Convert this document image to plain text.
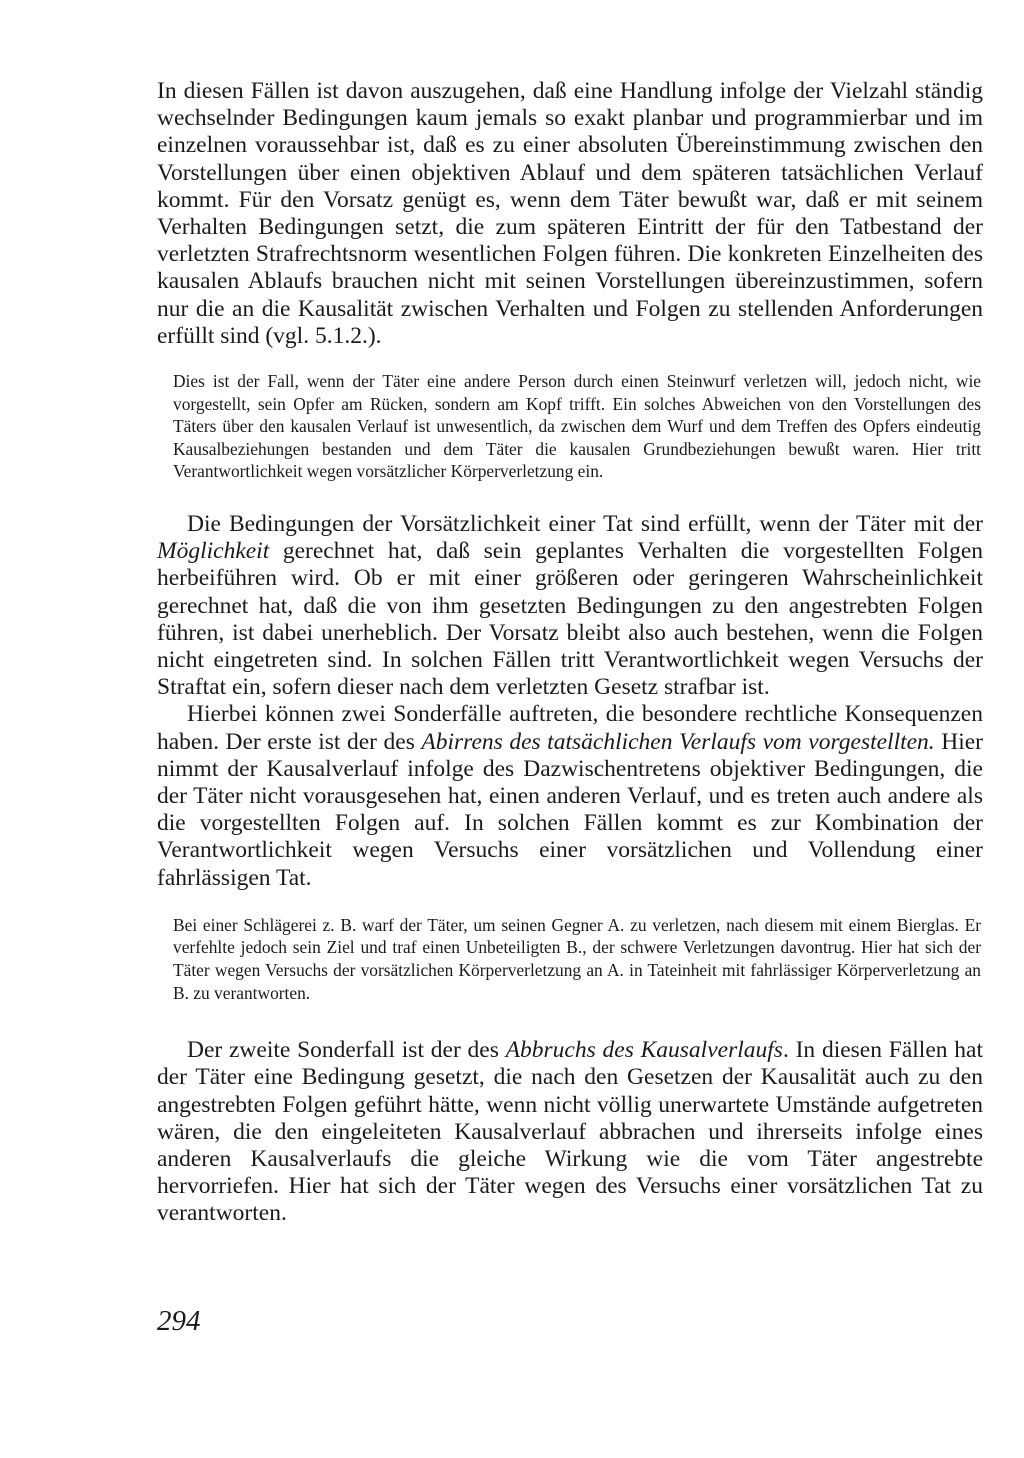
In diesen Fällen ist davon auszugehen, daß eine Handlung infolge der Vielzahl ständig wechselnder Bedingungen kaum jemals so exakt planbar und programmierbar und im einzelnen voraussehbar ist, daß es zu einer absoluten Übereinstimmung zwischen den Vorstellungen über einen objektiven Ablauf und dem späteren tatsächlichen Verlauf kommt. Für den Vorsatz genügt es, wenn dem Täter bewußt war, daß er mit seinem Verhalten Bedingungen setzt, die zum späteren Eintritt der für den Tatbestand der verletzten Strafrechtsnorm wesentlichen Folgen führen. Die konkreten Einzelheiten des kausalen Ablaufs brauchen nicht mit seinen Vorstellungen übereinzustimmen, sofern nur die an die Kausalität zwischen Verhalten und Folgen zu stellenden Anforderungen erfüllt sind (vgl. 5.1.2.).

Dies ist der Fall, wenn der Täter eine andere Person durch einen Steinwurf verletzen will, jedoch nicht, wie vorgestellt, sein Opfer am Rücken, sondern am Kopf trifft. Ein solches Abweichen von den Vorstellungen des Täters über den kausalen Verlauf ist unwesentlich, da zwischen dem Wurf und dem Treffen des Opfers eindeutig Kausalbeziehungen bestanden und dem Täter die kausalen Grundbeziehungen bewußt waren. Hier tritt Verantwortlichkeit wegen vorsätzlicher Körperverletzung ein.

Die Bedingungen der Vorsätzlichkeit einer Tat sind erfüllt, wenn der Täter mit der Möglichkeit gerechnet hat, daß sein geplantes Verhalten die vorgestellten Folgen herbeiführen wird. Ob er mit einer größeren oder geringeren Wahrscheinlichkeit gerechnet hat, daß die von ihm gesetzten Bedingungen zu den angestrebten Folgen führen, ist dabei unerheblich. Der Vorsatz bleibt also auch bestehen, wenn die Folgen nicht eingetreten sind. In solchen Fällen tritt Verantwortlichkeit wegen Versuchs der Straftat ein, sofern dieser nach dem verletzten Gesetz strafbar ist.

Hierbei können zwei Sonderfälle auftreten, die besondere rechtliche Konsequenzen haben. Der erste ist der des Abirrens des tatsächlichen Verlaufs vom vorgestellten. Hier nimmt der Kausalverlauf infolge des Dazwischentretens objektiver Bedingungen, die der Täter nicht vorausgesehen hat, einen anderen Verlauf, und es treten auch andere als die vorgestellten Folgen auf. In solchen Fällen kommt es zur Kombination der Verantwortlichkeit wegen Versuchs einer vorsätzlichen und Vollendung einer fahrlässigen Tat.

Bei einer Schlägerei z. B. warf der Täter, um seinen Gegner A. zu verletzen, nach diesem mit einem Bierglas. Er verfehlte jedoch sein Ziel und traf einen Unbeteiligten B., der schwere Verletzungen davontrug. Hier hat sich der Täter wegen Versuchs der vorsätzlichen Körperverletzung an A. in Tateinheit mit fahrlässiger Körperverletzung an B. zu verantworten.

Der zweite Sonderfall ist der des Abbruchs des Kausalverlaufs. In diesen Fällen hat der Täter eine Bedingung gesetzt, die nach den Gesetzen der Kausalität auch zu den angestrebten Folgen geführt hätte, wenn nicht völlig unerwartete Umstände aufgetreten wären, die den eingeleiteten Kausalverlauf abbrachen und ihrerseits infolge eines anderen Kausalverlaufs die gleiche Wirkung wie die vom Täter angestrebte hervorriefen. Hier hat sich der Täter wegen des Versuchs einer vorsätzlichen Tat zu verantworten.

294
